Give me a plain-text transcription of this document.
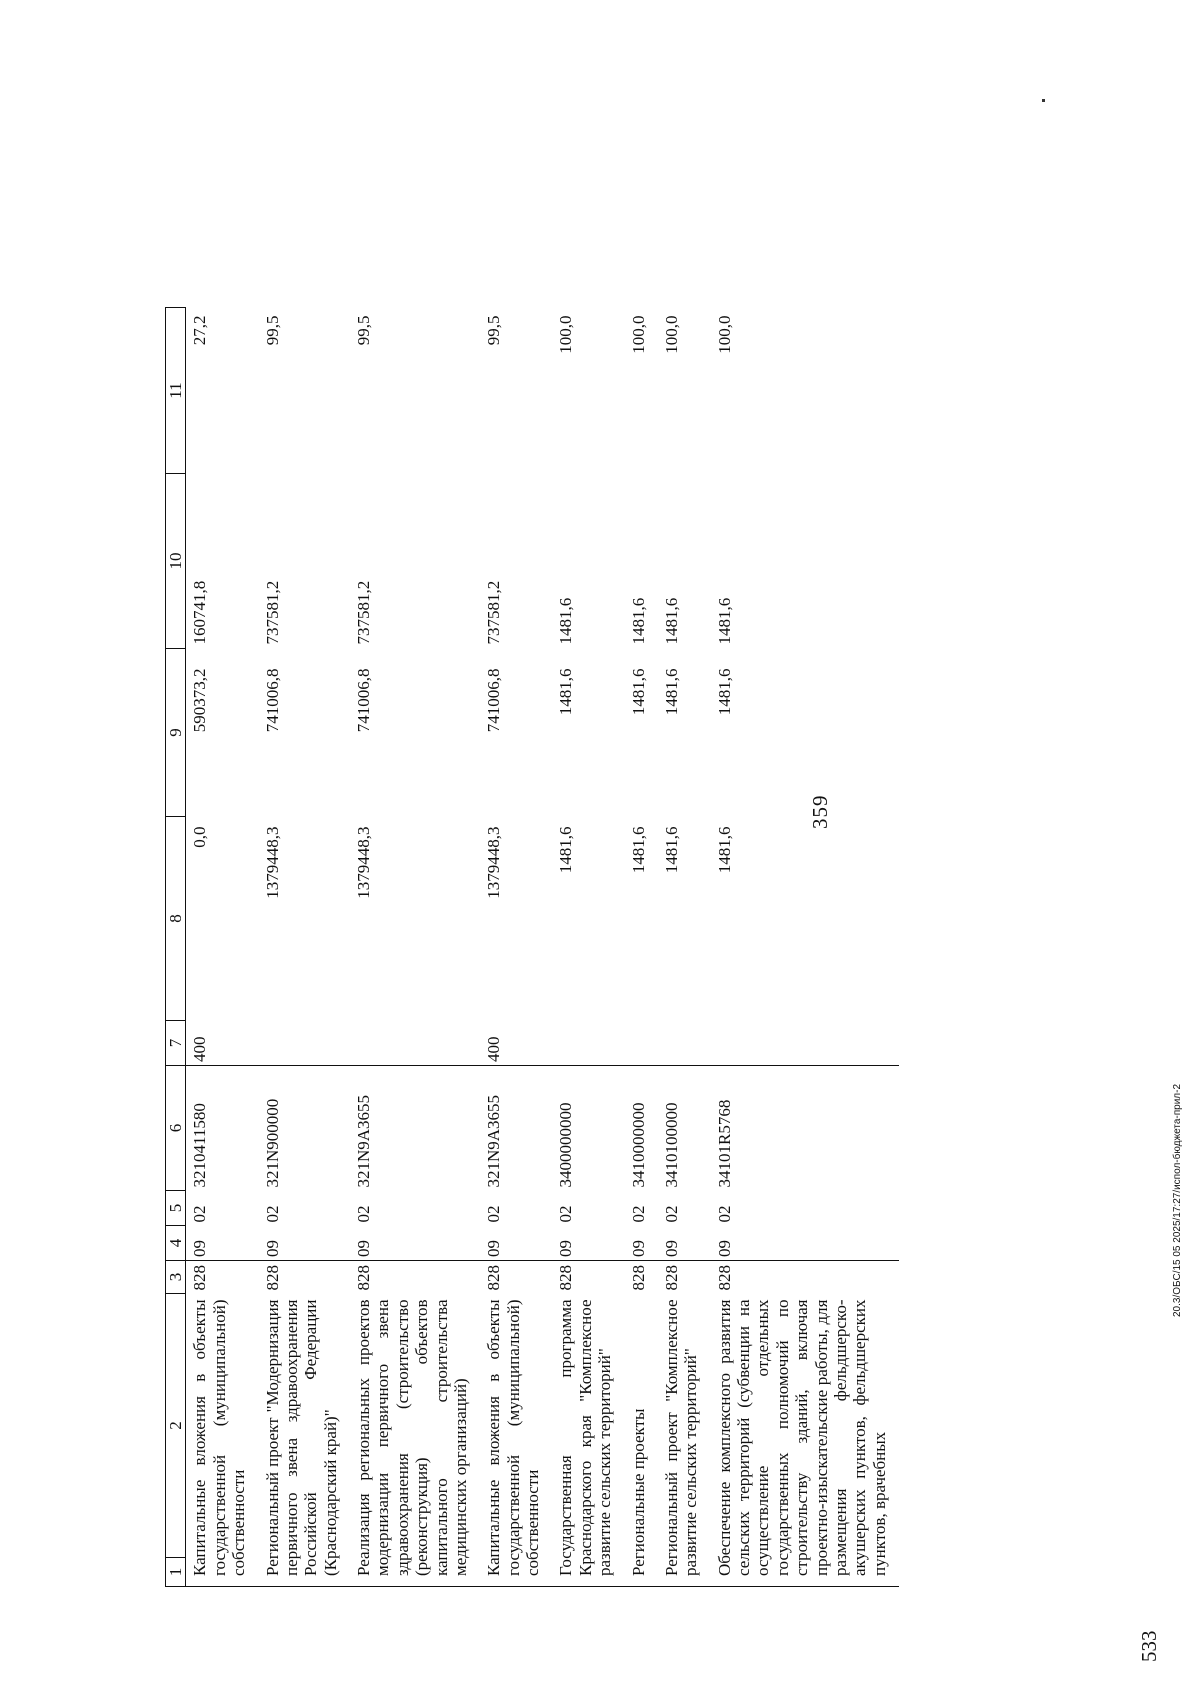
359
1	2	3	4	5	6	7	8	9	10	11
Капитальные вложения в объекты государственной (муниципальной) собственности		828	09	02	3210411580	400	0,0	590373,2	160741,8	27,2
Региональный проект "Модернизация первичного звена здравоохранения Российской Федерации (Краснодарский край)"		828	09	02	321N900000		1379448,3	741006,8	737581,2	99,5
Реализация региональных проектов модернизации первичного звена здравоохранения (строительство (реконструкция) объектов капитального строительства медицинских организаций)		828	09	02	321N9A3655		1379448,3	741006,8	737581,2	99,5
Капитальные вложения в объекты государственной (муниципальной) собственности		828	09	02	321N9A3655	400	1379448,3	741006,8	737581,2	99,5
Государственная программа Краснодарского края "Комплексное развитие сельских территорий"		828	09	02	3400000000		1481,6	1481,6	1481,6	100,0
Региональные проекты		828	09	02	3410000000		1481,6	1481,6	1481,6	100,0
Региональный проект "Комплексное развитие сельских территорий"		828	09	02	3410100000		1481,6	1481,6	1481,6	100,0
Обеспечение комплексного развития сельских территорий (субвенции на осуществление отдельных государственных полномочий по строительству зданий, включая проектно-изыскательские работы, для размещения фельдшерско-акушерских пунктов, фельдшерских пунктов, врачебных		828	09	02	34101R5768		1481,6	1481,6	1481,6	100,0
533
20.3/ОБС/15 05 2025/17:27/испол-бюджета-прил-2
